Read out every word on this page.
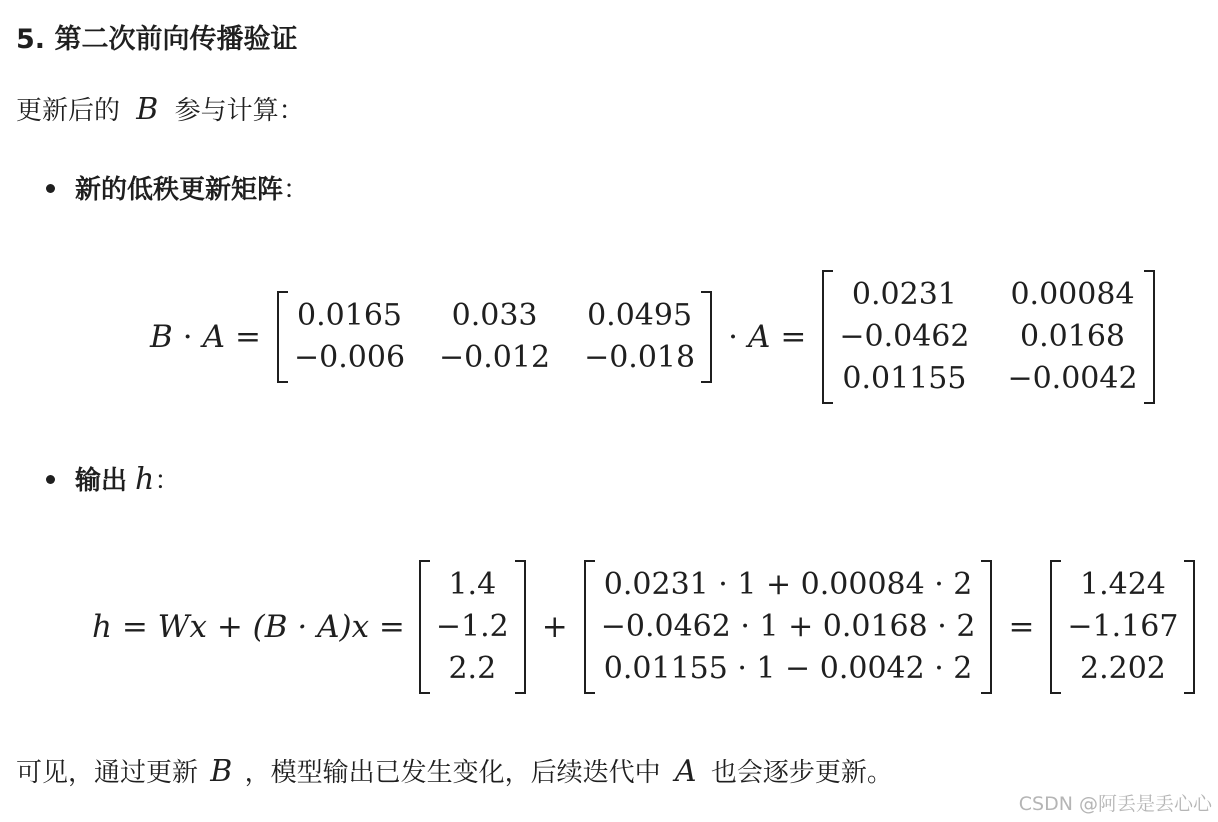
5. 第二次前向传播验证
更新后的 B 参与计算：
新的低秩更新矩阵：
B · A =
0.0165	0.033	0.0495
−0.006 −0.012 −0.018
· A =
0.0231	0.00084
−0.0462	0.0168
0.01155 −0.0042
输出 h：
h = Wx + (B · A)x =
1.4
−1.2
2.2
+
0.0231 · 1 + 0.00084 · 2
−0.0462 · 1 + 0.0168 · 2
0.01155 · 1 − 0.0042 · 2
=
1.424
−1.167
2.202
可见，通过更新 B ，模型输出已发生变化，后续迭代中 A 也会逐步更新。
CSDN @阿丢是丢心心
